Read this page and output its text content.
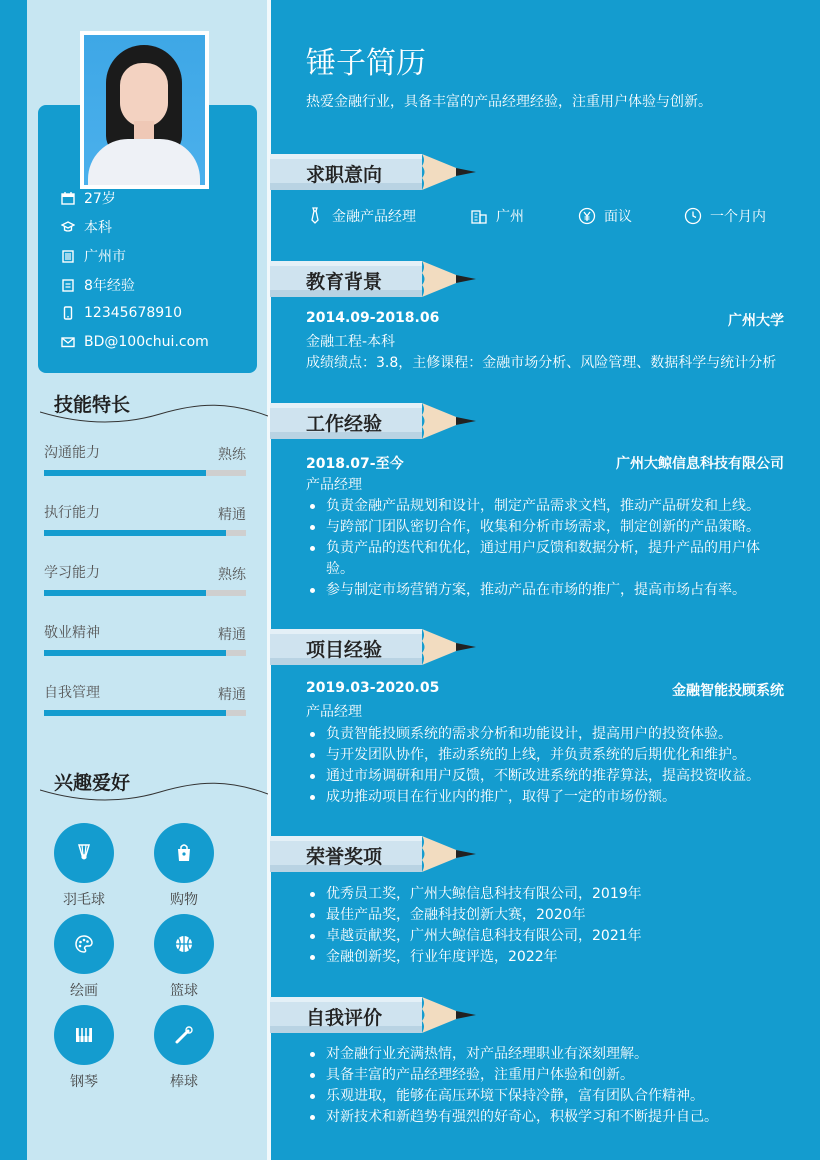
27岁
本科
广州市
8年经验
12345678910
BD@100chui.com
技能特长
沟通能力	熟练
执行能力	精通
学习能力	熟练
敬业精神	精通
自我管理	精通
兴趣爱好
羽毛球	购物
绘画	篮球
钢琴	棒球
锤子简历
热爱金融行业，具备丰富的产品经理经验，注重用户体验与创新。
求职意向
金融产品经理	广州	面议	一个月内
教育背景
2014.09-2018.06	广州大学
金融工程-本科
成绩绩点：3.8，主修课程：金融市场分析、风险管理、数据科学与统计分析
工作经验
2018.07-至今	广州大鲸信息科技有限公司
产品经理
负责金融产品规划和设计，制定产品需求文档，推动产品研发和上线。
与跨部门团队密切合作，收集和分析市场需求，制定创新的产品策略。
负责产品的迭代和优化，通过用户反馈和数据分析，提升产品的用户体验。
参与制定市场营销方案，推动产品在市场的推广，提高市场占有率。
项目经验
2019.03-2020.05	金融智能投顾系统
产品经理
负责智能投顾系统的需求分析和功能设计，提高用户的投资体验。
与开发团队协作，推动系统的上线，并负责系统的后期优化和维护。
通过市场调研和用户反馈，不断改进系统的推荐算法，提高投资收益。
成功推动项目在行业内的推广，取得了一定的市场份额。
荣誉奖项
优秀员工奖，广州大鲸信息科技有限公司，2019年
最佳产品奖，金融科技创新大赛，2020年
卓越贡献奖，广州大鲸信息科技有限公司，2021年
金融创新奖，行业年度评选，2022年
自我评价
对金融行业充满热情，对产品经理职业有深刻理解。
具备丰富的产品经理经验，注重用户体验和创新。
乐观进取，能够在高压环境下保持冷静，富有团队合作精神。
对新技术和新趋势有强烈的好奇心，积极学习和不断提升自己。
